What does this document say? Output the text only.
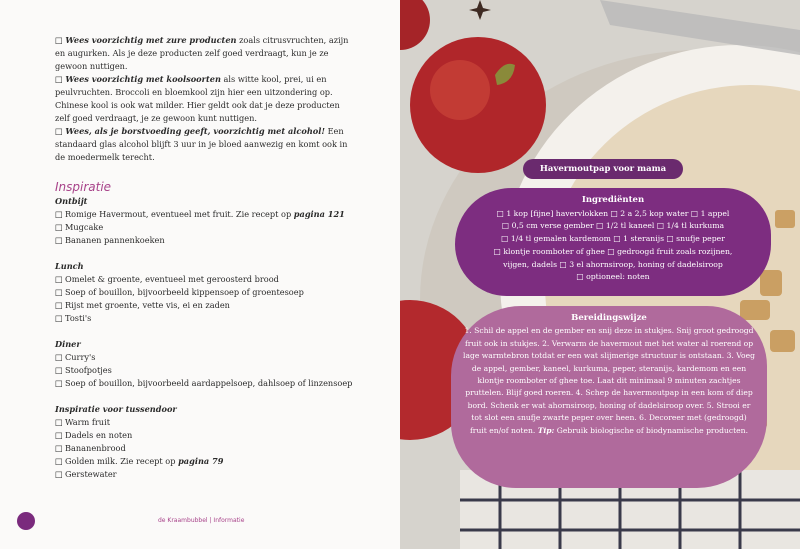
□ Wees voorzichtig met zure producten zoals citrusvruchten, azijn en augurken. Als je deze producten zelf goed verdraagt, kun je ze gewoon nuttigen.

□ Wees voorzichtig met koolsoorten als witte kool, prei, ui en peulvruchten. Broccoli en bloemkool zijn hier een uitzondering op. Chinese kool is ook wat milder. Hier geldt ook dat je deze producten zelf goed verdraagt, je ze gewoon kunt nuttigen.

□ Wees, als je borstvoeding geeft, voorzichtig met alcohol! Een standaard glas alcohol blijft 3 uur in je bloed aanwezig en komt ook in de moedermelk terecht.

Inspiratie

Ontbijt

□ Romige Havermout, eventueel met fruit. Zie recept op pagina 121
□ Mugcake
□ Bananen pannenkoeken

Lunch

□ Omelet & groente, eventueel met geroosterd brood
□ Soep of bouillon, bijvoorbeeld kippensoep of groentesoep
□ Rijst met groente, vette vis, ei en zaden
□ Tosti's

Diner

□ Curry's
□ Stoofpotjes
□ Soep of bouillon, bijvoorbeeld aardappelsoep, dahlsoep of linzensoep

Inspiratie voor tussendoor

□ Warm fruit
□ Dadels en noten
□ Bananenbrood
□ Golden milk. Zie recept op pagina 79
□ Gerstewater
de Kraambubbel | Informatie
Havermoutpap voor mama
Ingrediënten
□ 1 kop [fijne] havervlokken □ 2 a 2,5 kop water □ 1 appel
□ 0,5 cm verse gember □ 1/2 tl kaneel □ 1/4 tl kurkuma
□ 1/4 tl gemalen kardemom □ 1 steranijs □ snufje peper
□ klontje roomboter of ghee □ gedroogd fruit zoals rozijnen,
vijgen, dadels □ 3 el ahornsiroop, honing of dadelsiroop
□ optioneel: noten
Bereidingswijze

1. Schil de appel en de gember en snij deze in stukjes. Snij groot gedroogd fruit ook in stukjes. 2. Verwarm de havermout met het water al roerend op lage warmtebron totdat er een wat slijmerige structuur is ontstaan. 3. Voeg de appel, gember, kaneel, kurkuma, peper, steranijs, kardemom en een klontje roomboter of ghee toe. Laat dit minimaal 9 minuten zachtjes pruttelen. Blijf goed roeren. 4. Schep de havermoutpap in een kom of diep bord. Schenk er wat ahornsiroop, honing of dadelsiroop over. 5. Strooi er tot slot een snufje zwarte peper over heen. 6. Decoreer met (gedroogd) fruit en/of noten. Tip: Gebruik biologische of biodynamische producten.
